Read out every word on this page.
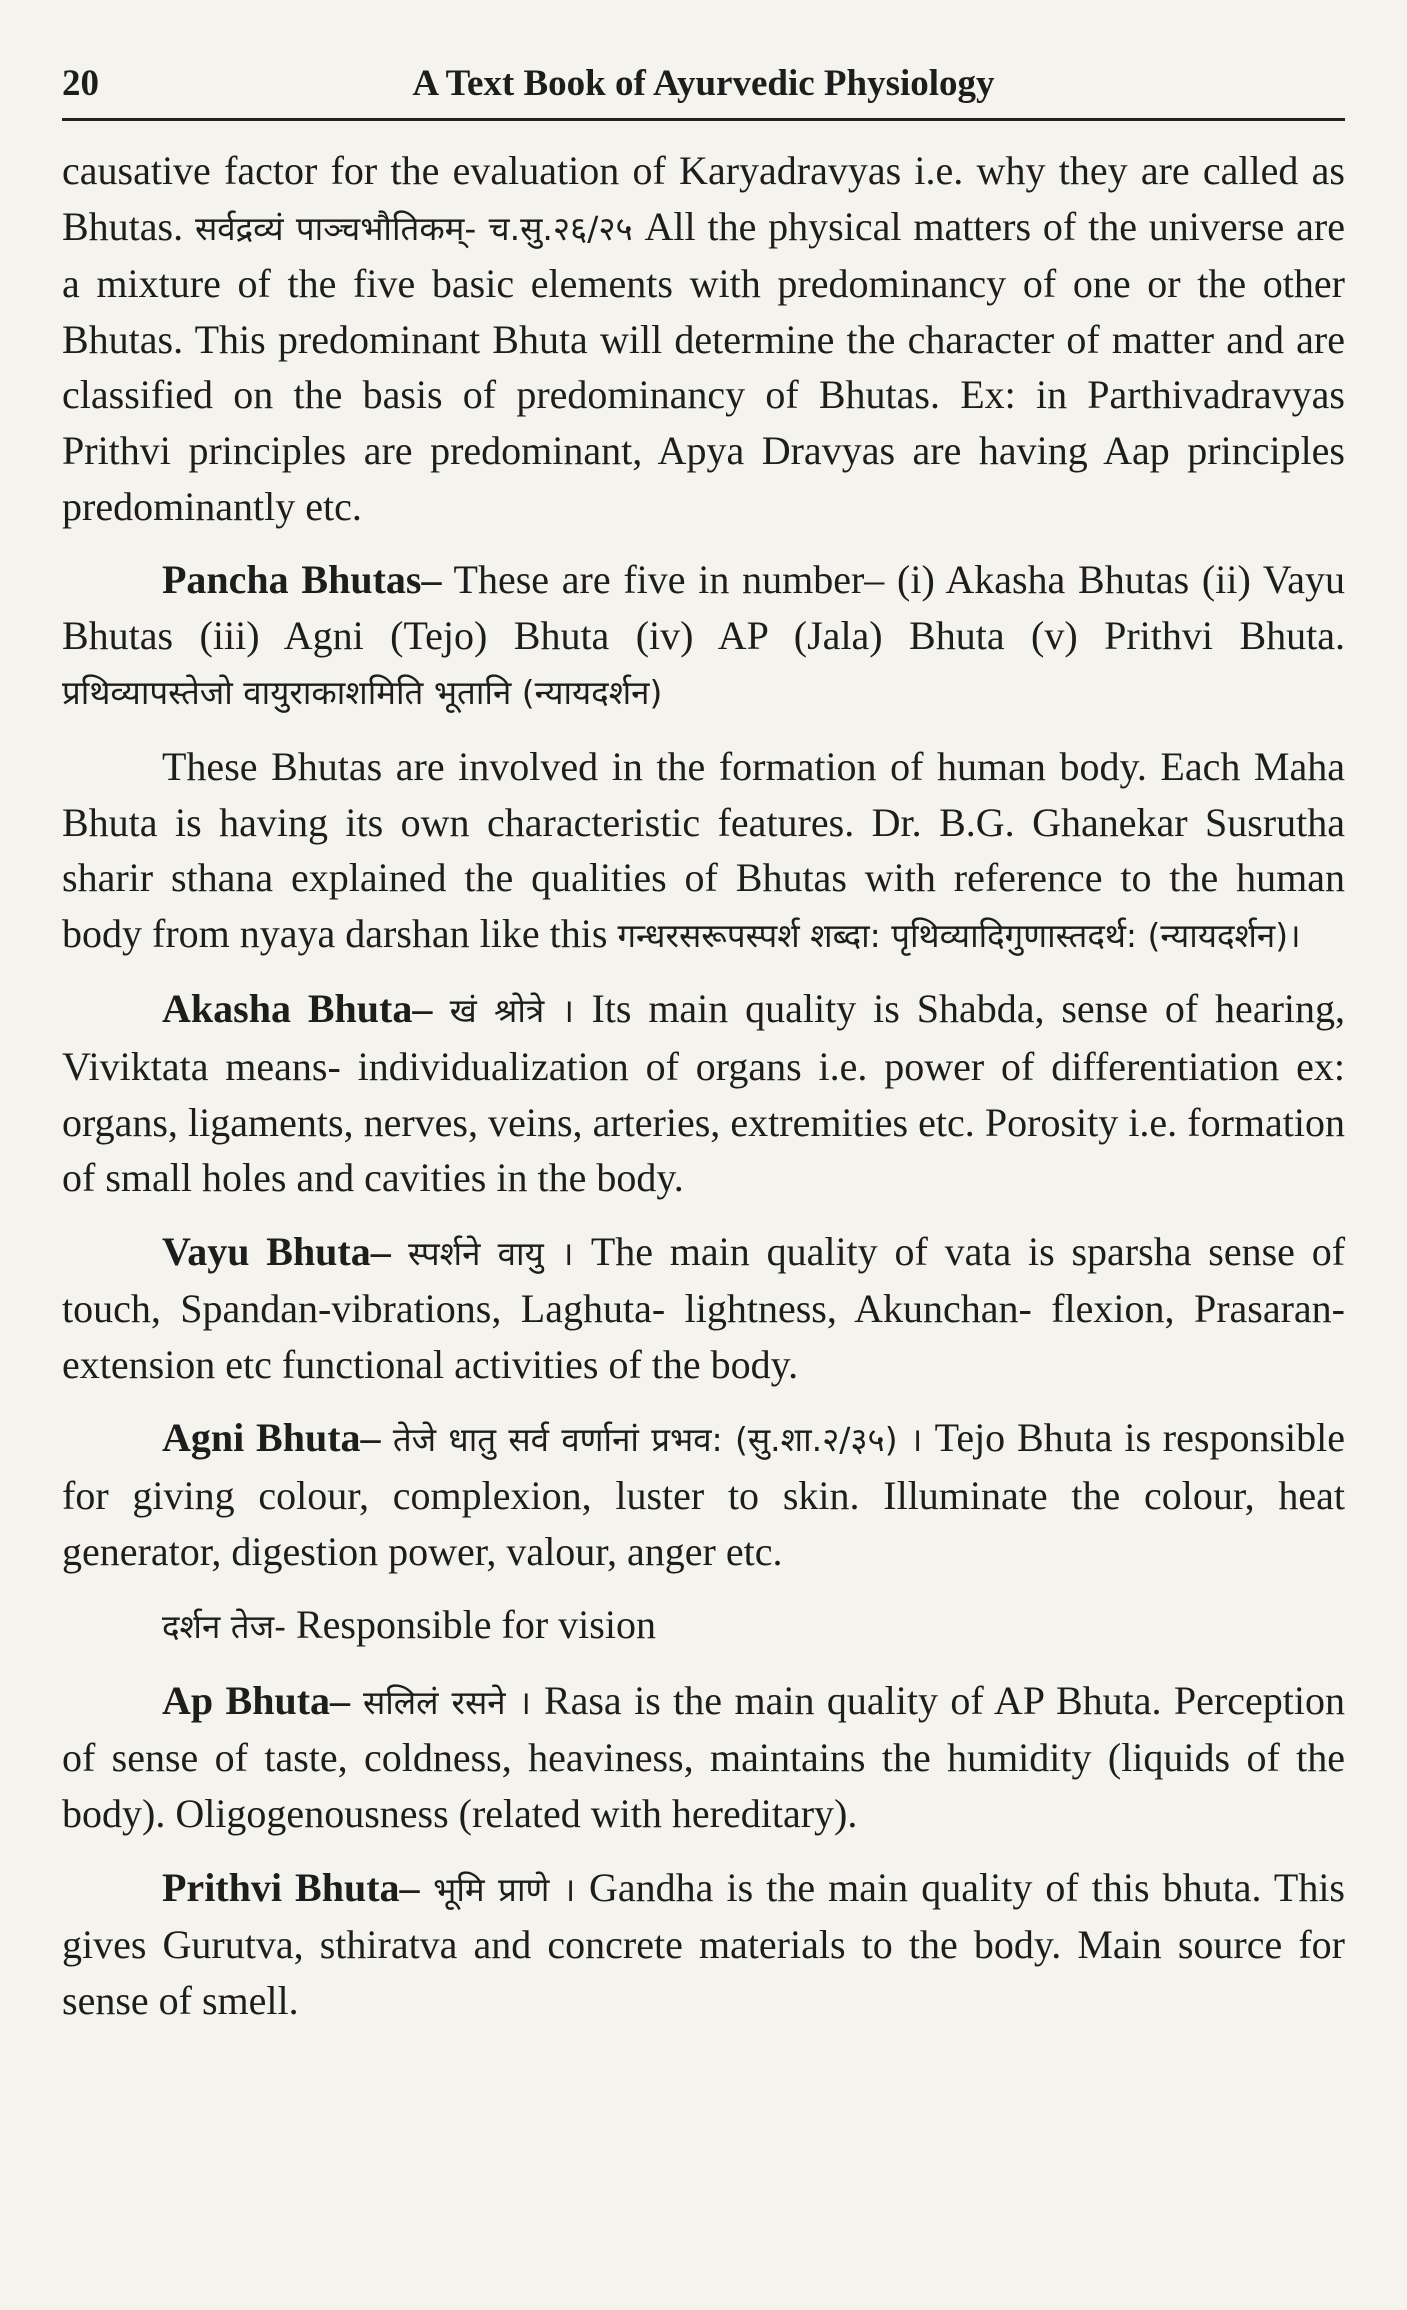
20	A Text Book of Ayurvedic Physiology

causative factor for the evaluation of Karyadravyas i.e. why they are called as Bhutas. सर्वद्रव्यं पाञ्चभौतिकम्- च.सु.२६/२५ All the physical matters of the universe are a mixture of the five basic elements with predominancy of one or the other Bhutas. This predominant Bhuta will determine the character of matter and are classified on the basis of predominancy of Bhutas. Ex: in Parthivadravyas Prithvi principles are predominant, Apya Dravyas are having Aap principles predominantly etc.

Pancha Bhutas– These are five in number– (i) Akasha Bhutas (ii) Vayu Bhutas (iii) Agni (Tejo) Bhuta (iv) AP (Jala) Bhuta (v) Prithvi Bhuta. प्रथिव्यापस्तेजो वायुराकाशमिति भूतानि (न्यायदर्शन)

These Bhutas are involved in the formation of human body. Each Maha Bhuta is having its own characteristic features. Dr. B.G. Ghanekar Susrutha sharir sthana explained the qualities of Bhutas with reference to the human body from nyaya darshan like this गन्धरसरूपस्पर्श शब्दा: पृथिव्यादिगुणास्तदर्थ: (न्यायदर्शन)।

Akasha Bhuta– खं श्रोत्रे । Its main quality is Shabda, sense of hearing, Viviktata means- individualization of organs i.e. power of differentiation ex: organs, ligaments, nerves, veins, arteries, extremities etc. Porosity i.e. formation of small holes and cavities in the body.

Vayu Bhuta– स्पर्शने वायु । The main quality of vata is sparsha sense of touch, Spandan-vibrations, Laghuta- lightness, Akunchan- flexion, Prasaran-extension etc functional activities of the body.

Agni Bhuta– तेजे धातु सर्व वर्णानां प्रभव: (सु.शा.२/३५) । Tejo Bhuta is responsible for giving colour, complexion, luster to skin. Illuminate the colour, heat generator, digestion power, valour, anger etc.

दर्शन तेज- Responsible for vision

Ap Bhuta– सलिलं रसने । Rasa is the main quality of AP Bhuta. Perception of sense of taste, coldness, heaviness, maintains the humidity (liquids of the body). Oligogenousness (related with hereditary).

Prithvi Bhuta– भूमि प्राणे । Gandha is the main quality of this bhuta. This gives Gurutva, sthiratva and concrete materials to the body. Main source for sense of smell.
